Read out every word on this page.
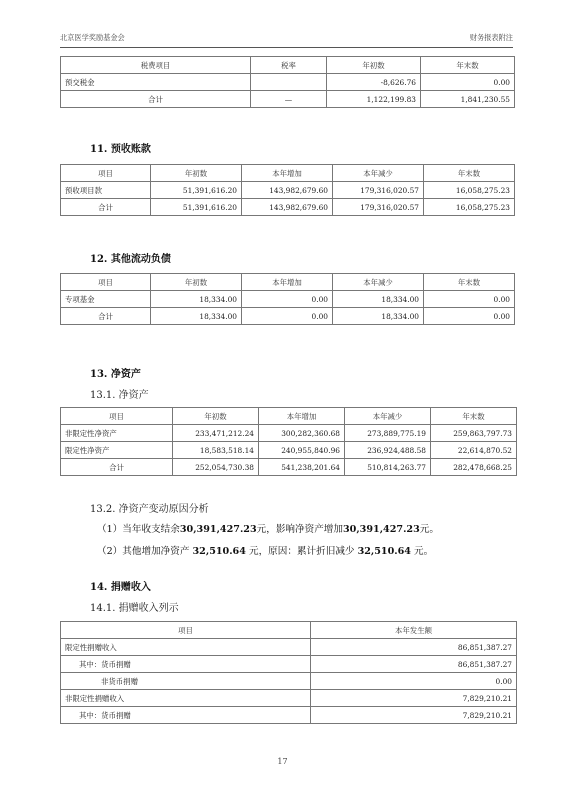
北京医学奖励基金会	财务报表附注
税费项目	税率	年初数	年末数
预交税金		-8,626.76	0.00
合计	—	1,122,199.83	1,841,230.55
11. 预收账款
项目	年初数	本年增加	本年减少	年末数
预收项目款	51,391,616.20	143,982,679.60	179,316,020.57	16,058,275.23
合计	51,391,616.20	143,982,679.60	179,316,020.57	16,058,275.23
12. 其他流动负债
项目	年初数	本年增加	本年减少	年末数
专项基金	18,334.00	0.00	18,334.00	0.00
合计	18,334.00	0.00	18,334.00	0.00
13. 净资产
13.1. 净资产
项目	年初数	本年增加	本年减少	年末数
非限定性净资产	233,471,212.24	300,282,360.68	273,889,775.19	259,863,797.73
限定性净资产	18,583,518.14	240,955,840.96	236,924,488.58	22,614,870.52
合计	252,054,730.38	541,238,201.64	510,814,263.77	282,478,668.25
13.2. 净资产变动原因分析
（1）当年收支结余30,391,427.23元，影响净资产增加30,391,427.23元。
（2）其他增加净资产 32,510.64 元，原因：累计折旧减少 32,510.64 元。
14. 捐赠收入
14.1. 捐赠收入列示
项目	本年发生额
限定性捐赠收入	86,851,387.27
其中：货币捐赠	86,851,387.27
非货币捐赠	0.00
非限定性捐赠收入	7,829,210.21
其中：货币捐赠	7,829,210.21
17
